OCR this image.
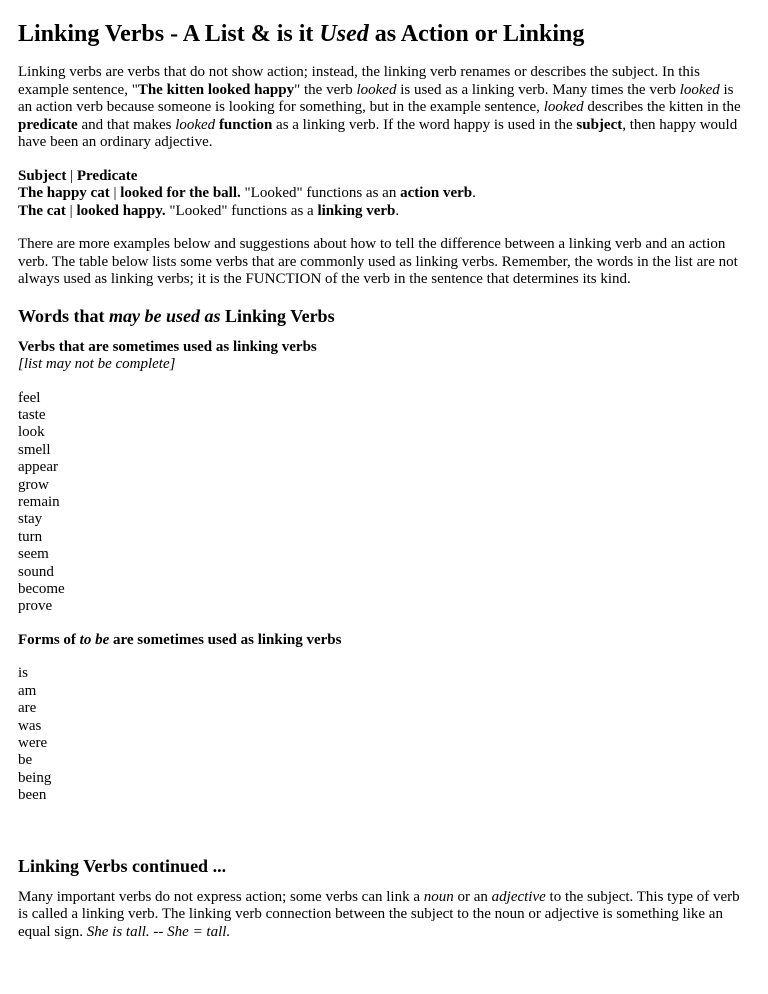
Linking Verbs - A List & is it Used as Action or Linking

Linking verbs are verbs that do not show action; instead, the linking verb renames or describes the subject. In this example sentence, "The kitten looked happy" the verb looked is used as a linking verb. Many times the verb looked is an action verb because someone is looking for something, but in the example sentence, looked describes the kitten in the predicate and that makes looked function as a linking verb. If the word happy is used in the subject, then happy would have been an ordinary adjective.

Subject | Predicate
The happy cat | looked for the ball. "Looked" functions as an action verb.
The cat | looked happy. "Looked" functions as a linking verb.

There are more examples below and suggestions about how to tell the difference between a linking verb and an action verb. The table below lists some verbs that are commonly used as linking verbs. Remember, the words in the list are not always used as linking verbs; it is the FUNCTION of the verb in the sentence that determines its kind.

Words that may be used as Linking Verbs

Verbs that are sometimes used as linking verbs
[list may not be complete]

feel
taste
look
smell
appear
grow
remain
stay
turn
seem
sound
become
prove

Forms of to be are sometimes used as linking verbs

is
am
are
was
were
be
being
been
Linking Verbs continued ...

Many important verbs do not express action; some verbs can link a noun or an adjective to the subject. This type of verb is called a linking verb. The linking verb connection between the subject to the noun or adjective is something like an equal sign. She is tall. -- She = tall.
